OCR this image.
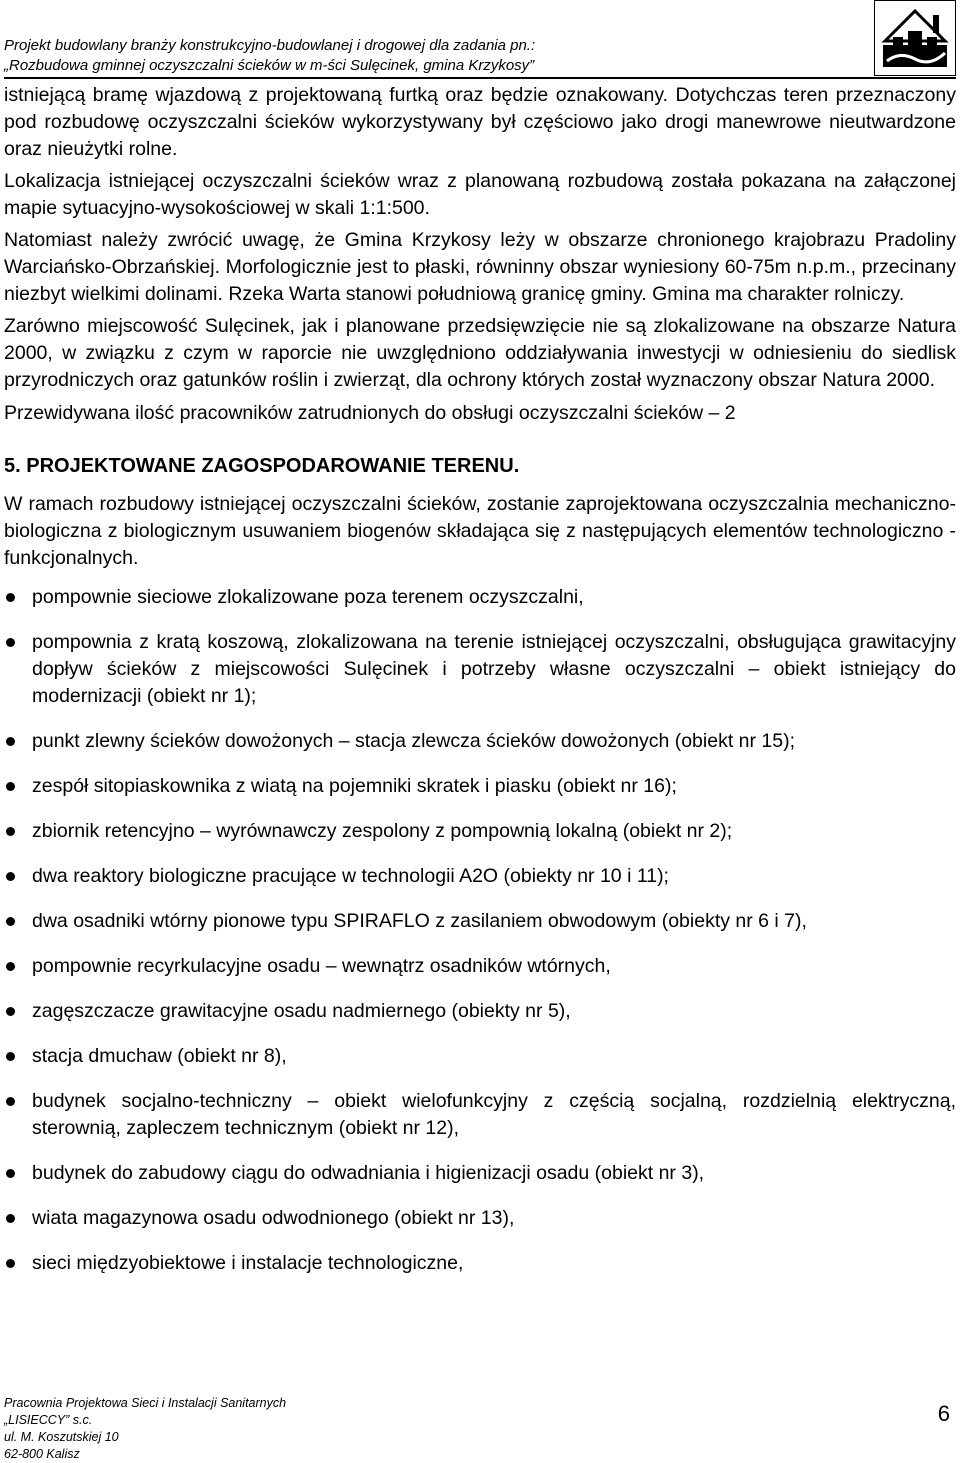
Projekt budowlany branży konstrukcyjno-budowlanej i drogowej dla zadania pn.:
„Rozbudowa gminnej oczyszczalni ścieków w m-ści Sulęcinek, gmina Krzykosy”

istniejącą bramę wjazdową z projektowaną furtką oraz będzie oznakowany. Dotychczas teren przeznaczony pod rozbudowę oczyszczalni ścieków wykorzystywany był częściowo jako drogi manewrowe nieutwardzone oraz nieużytki rolne.

Lokalizacja istniejącej oczyszczalni ścieków wraz z planowaną rozbudową została pokazana na załączonej mapie sytuacyjno-wysokościowej w skali 1:1:500.

Natomiast należy zwrócić uwagę, że Gmina Krzykosy leży w obszarze chronionego krajobrazu Pradoliny Warciańsko-Obrzańskiej. Morfologicznie jest to płaski, równinny obszar wyniesiony 60-75m n.p.m., przecinany niezbyt wielkimi dolinami. Rzeka Warta stanowi południową granicę gminy. Gmina ma charakter rolniczy.

Zarówno miejscowość Sulęcinek, jak i planowane przedsięwzięcie nie są zlokalizowane na obszarze Natura 2000, w związku z czym w raporcie nie uwzględniono oddziaływania inwestycji w odniesieniu do siedlisk przyrodniczych oraz gatunków roślin i zwierząt, dla ochrony których został wyznaczony obszar Natura 2000.

Przewidywana ilość pracowników zatrudnionych do obsługi oczyszczalni ścieków – 2

5. PROJEKTOWANE ZAGOSPODAROWANIE TERENU.

W ramach rozbudowy istniejącej oczyszczalni ścieków, zostanie zaprojektowana oczyszczalnia mechaniczno-biologiczna z biologicznym usuwaniem biogenów składająca się z następujących elementów technologiczno - funkcjonalnych.

pompownie sieciowe zlokalizowane poza terenem oczyszczalni,
pompownia z kratą koszową, zlokalizowana na terenie istniejącej oczyszczalni, obsługująca grawitacyjny dopływ ścieków z miejscowości Sulęcinek i potrzeby własne oczyszczalni – obiekt istniejący do modernizacji (obiekt nr 1);
punkt zlewny ścieków dowożonych – stacja zlewcza ścieków dowożonych (obiekt nr 15);
zespół sitopiaskownika z wiatą na pojemniki skratek i piasku (obiekt nr 16);
zbiornik retencyjno – wyrównawczy zespolony z pompownią lokalną (obiekt nr 2);
dwa reaktory biologiczne pracujące w technologii A2O (obiekty nr 10 i 11);
dwa osadniki wtórny pionowe typu SPIRAFLO z zasilaniem obwodowym (obiekty nr 6 i 7),
pompownie recyrkulacyjne osadu – wewnątrz osadników wtórnych,
zagęszczacze grawitacyjne osadu nadmiernego (obiekty nr 5),
stacja dmuchaw (obiekt nr 8),
budynek socjalno-techniczny – obiekt wielofunkcyjny z częścią socjalną, rozdzielnią elektryczną, sterownią, zapleczem technicznym (obiekt nr 12),
budynek do zabudowy ciągu do odwadniania i higienizacji osadu (obiekt nr 3),
wiata magazynowa osadu odwodnionego (obiekt nr 13),
sieci międzyobiektowe i instalacje technologiczne,
Pracownia Projektowa Sieci i Instalacji Sanitarnych
„LISIECCY” s.c.
ul. M. Koszutskiej 10
62-800 Kalisz
6
